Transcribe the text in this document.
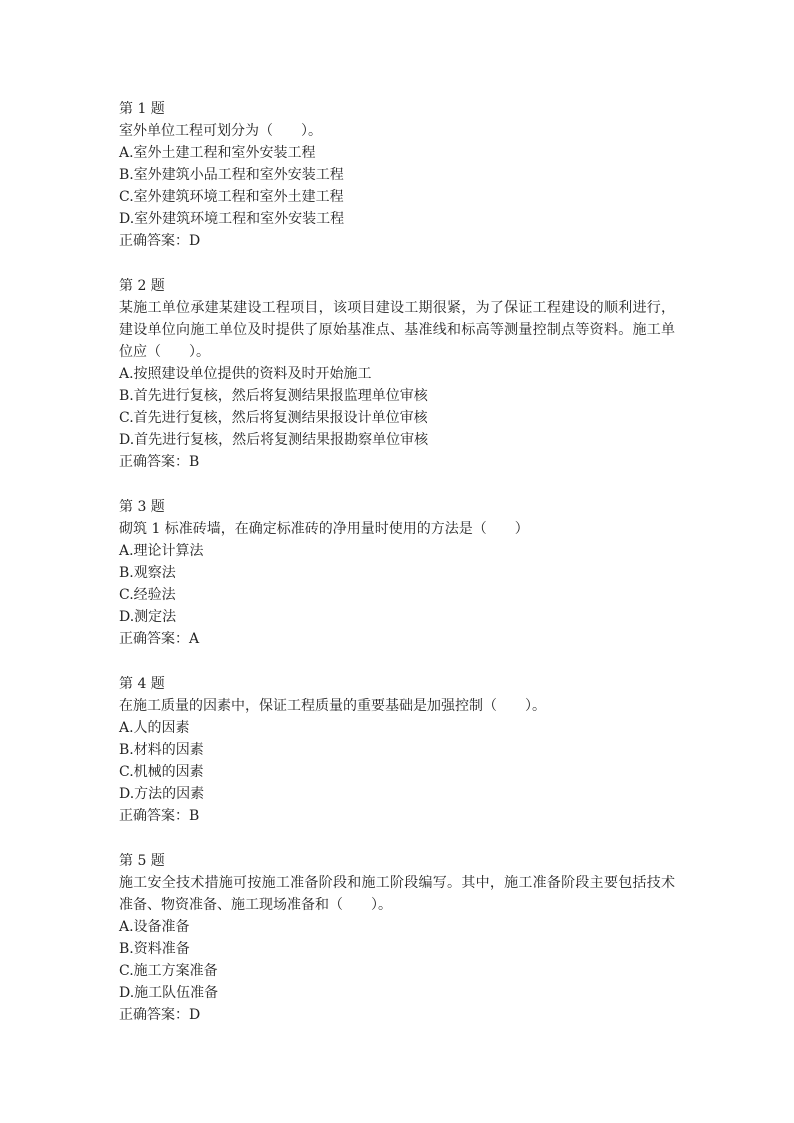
第 1 题
室外单位工程可划分为（　　）。
A.室外土建工程和室外安装工程
B.室外建筑小品工程和室外安装工程
C.室外建筑环境工程和室外土建工程
D.室外建筑环境工程和室外安装工程
正确答案：D
第 2 题
某施工单位承建某建设工程项目，该项目建设工期很紧，为了保证工程建设的顺利进行，建设单位向施工单位及时提供了原始基准点、基准线和标高等测量控制点等资料。施工单位应（　　）。
A.按照建设单位提供的资料及时开始施工
B.首先进行复核，然后将复测结果报监理单位审核
C.首先进行复核，然后将复测结果报设计单位审核
D.首先进行复核，然后将复测结果报勘察单位审核
正确答案：B
第 3 题
砌筑 1 标准砖墙，在确定标准砖的净用量时使用的方法是（　　）
A.理论计算法
B.观察法
C.经验法
D.测定法
正确答案：A
第 4 题
在施工质量的因素中，保证工程质量的重要基础是加强控制（　　）。
A.人的因素
B.材料的因素
C.机械的因素
D.方法的因素
正确答案：B
第 5 题
施工安全技术措施可按施工准备阶段和施工阶段编写。其中，施工准备阶段主要包括技术准备、物资准备、施工现场准备和（　　）。
A.设备准备
B.资料准备
C.施工方案准备
D.施工队伍准备
正确答案：D
